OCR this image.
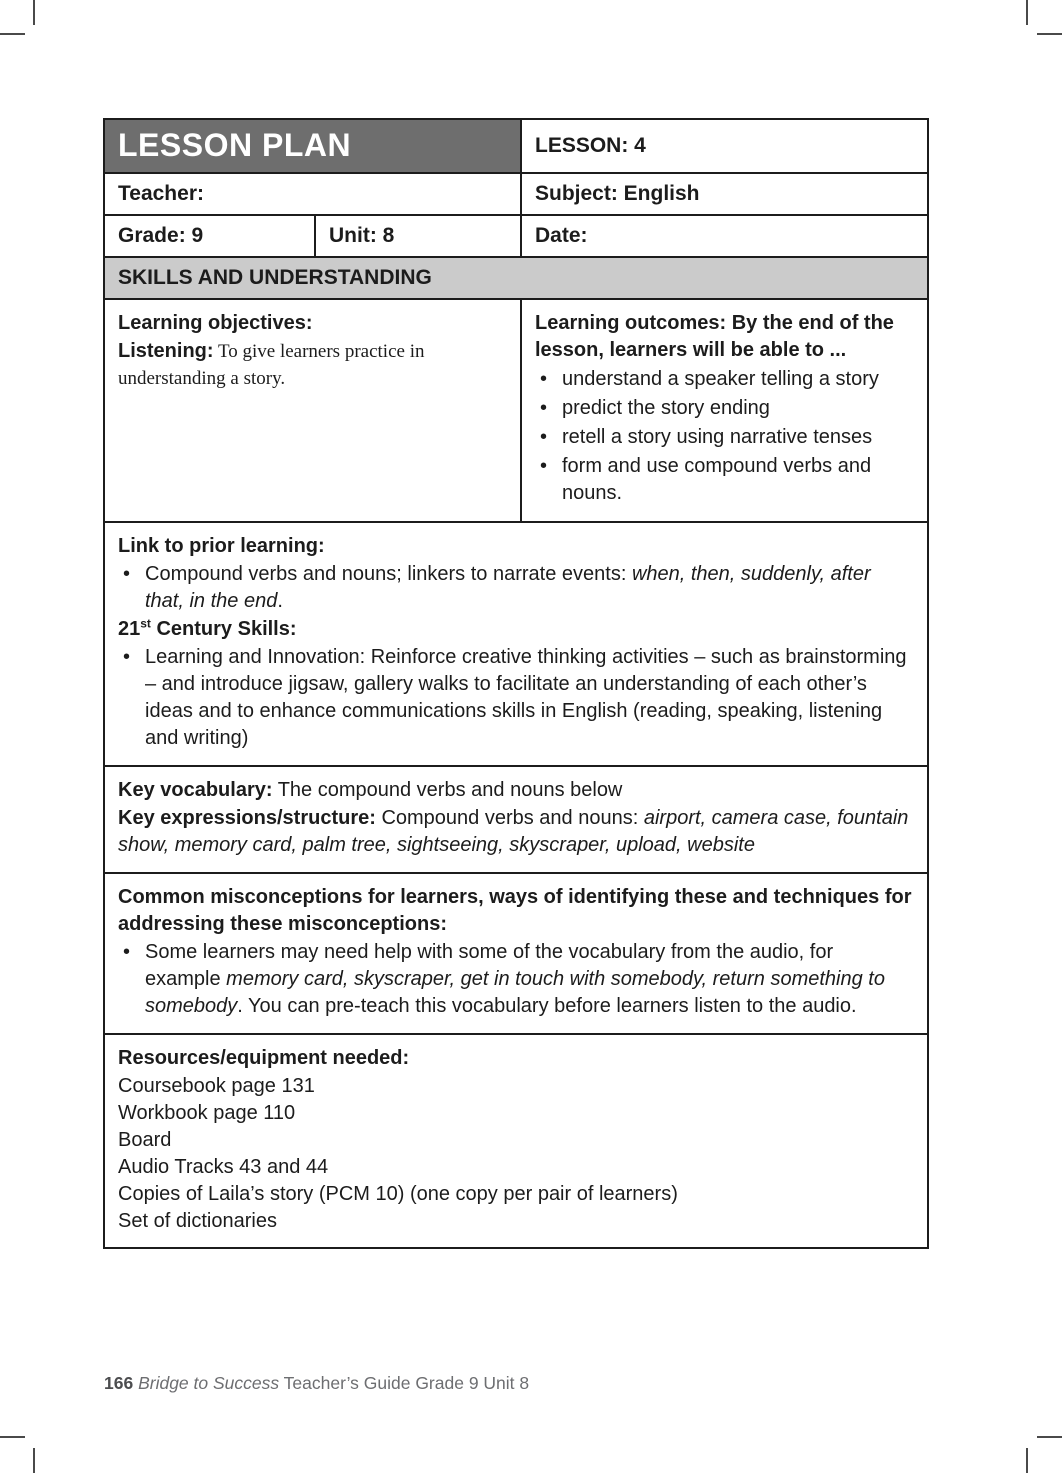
LESSON PLAN	LESSON: 4
Teacher:	Subject: English
Grade: 9	Unit: 8	Date:
SKILLS AND UNDERSTANDING

Learning objectives:

Listening: To give learners practice in understanding a story.

Learning outcomes: By the end of the lesson, learners will be able to ...

• understand a speaker telling a story
• predict the story ending
• retell a story using narrative tenses
• form and use compound verbs and nouns.

Link to prior learning:

• Compound verbs and nouns; linkers to narrate events: when, then, suddenly, after that, in the end.

21st Century Skills:

• Learning and Innovation: Reinforce creative thinking activities – such as brainstorming – and introduce jigsaw, gallery walks to facilitate an understanding of each other’s ideas and to enhance communications skills in English (reading, speaking, listening and writing)

Key vocabulary: The compound verbs and nouns below

Key expressions/structure: Compound verbs and nouns: airport, camera case, fountain show, memory card, palm tree, sightseeing, skyscraper, upload, website

Common misconceptions for learners, ways of identifying these and techniques for addressing these misconceptions:

• Some learners may need help with some of the vocabulary from the audio, for example memory card, skyscraper, get in touch with somebody, return something to somebody. You can pre-teach this vocabulary before learners listen to the audio.

Resources/equipment needed:

Coursebook page 131

Workbook page 110

Board

Audio Tracks 43 and 44

Copies of Laila’s story (PCM 10) (one copy per pair of learners)

Set of dictionaries

166 Bridge to Success Teacher’s Guide Grade 9 Unit 8
